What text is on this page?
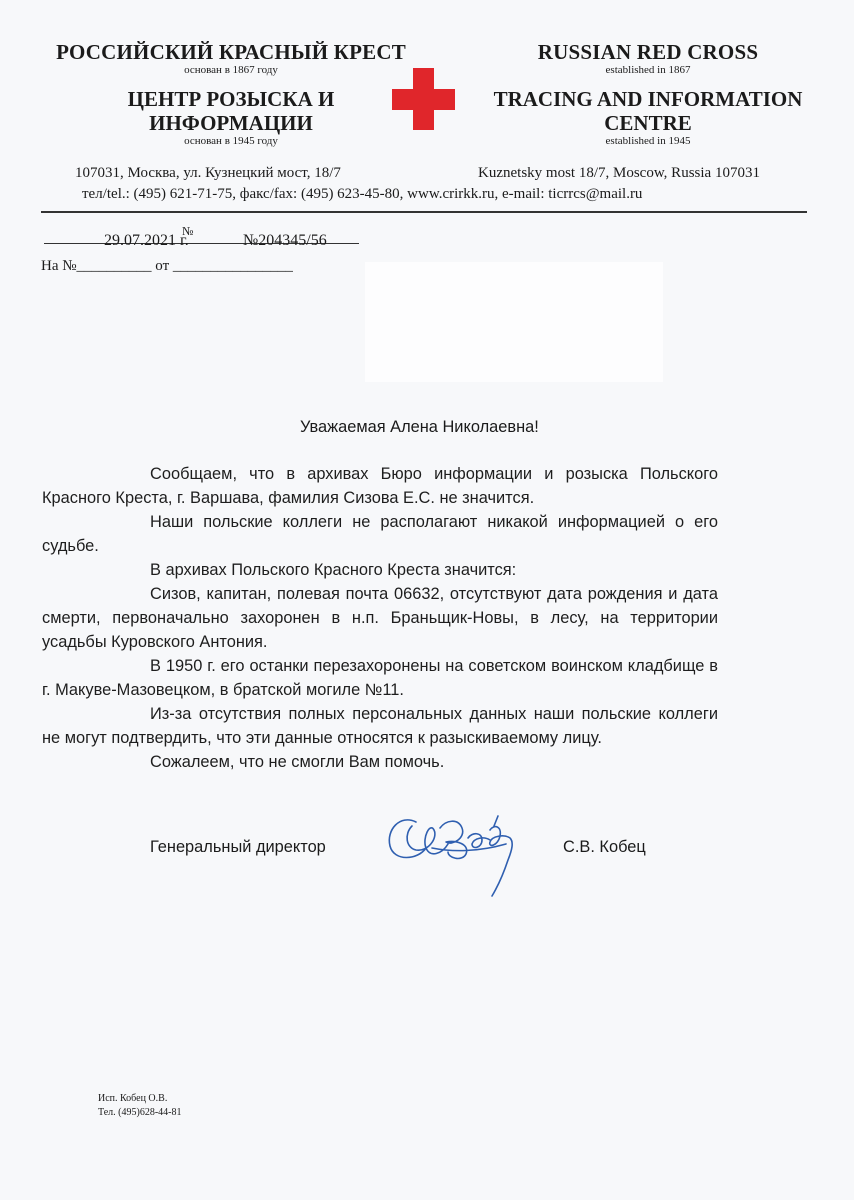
РОССИЙСКИЙ КРАСНЫЙ КРЕСТ
основан в 1867 году
ЦЕНТР РОЗЫСКА И
ИНФОРМАЦИИ
основан в 1945 году
RUSSIAN RED CROSS
established in 1867
TRACING AND INFORMATION
CENTRE
established in 1945
107031, Москва, ул. Кузнецкий мост, 18/7	Kuznetsky most 18/7, Moscow, Russia 107031
тел/tel.: (495) 621-71-75, факс/fax: (495) 623-45-80, www.crirkk.ru, e-mail: ticrrcs@mail.ru
№
29.07.2021 г.	№204345/56
На №__________ от ________________
Уважаемая Алена Николаевна!

Сообщаем, что в архивах Бюро информации и розыска Польского Красного Креста, г. Варшава, фамилия Сизова Е.С. не значится.

Наши польские коллеги не располагают никакой информацией о его судьбе.

В архивах Польского Красного Креста значится:

Сизов, капитан, полевая почта 06632, отсутствуют дата рождения и дата смерти, первоначально захоронен в н.п. Браньщик-Новы, в лесу, на территории усадьбы Куровского Антония.

В 1950 г. его останки перезахоронены на советском воинском кладбище в г. Макуве-Мазовецком, в братской могиле №11.

Из-за отсутствия полных персональных данных наши польские коллеги не могут подтвердить, что эти данные относятся к разыскиваемому лицу.

Сожалеем, что не смогли Вам помочь.

Генеральный директор	С.В. Кобец
Исп. Кобец О.В.
Тел. (495)628-44-81
